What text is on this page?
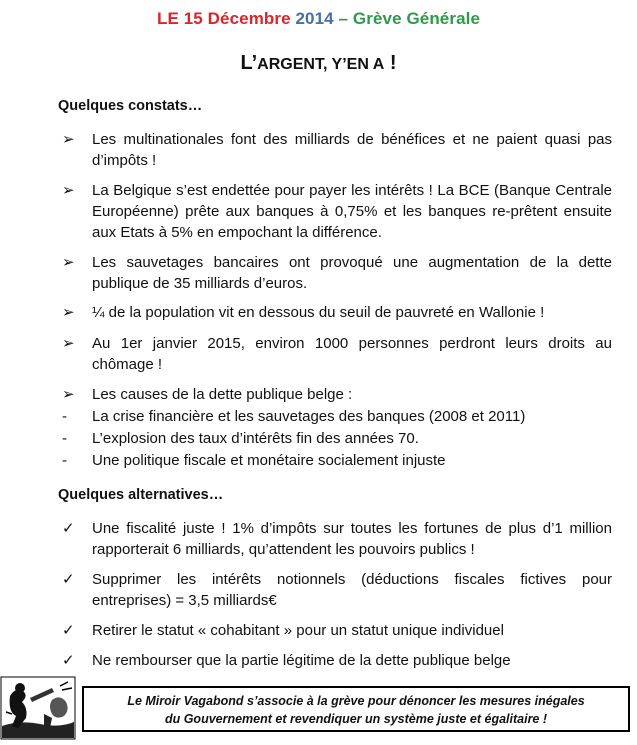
LE 15 Décembre 2014 – Grève Générale
L’ARGENT, Y’EN A !
Quelques constats…
➢	Les multinationales font des milliards de bénéfices et ne paient quasi pas d’impôts !
➢	La Belgique s’est endettée pour payer les intérêts ! La BCE (Banque Centrale Européenne) prête aux banques à 0,75% et les banques re-prêtent ensuite aux Etats à 5% en empochant la différence.
➢	Les sauvetages bancaires ont provoqué une augmentation de la dette publique de 35 milliards d’euros.
➢	¼ de la population vit en dessous du seuil de pauvreté en Wallonie !
➢	Au 1er janvier 2015, environ 1000 personnes perdront leurs droits au chômage !
➢	Les causes de la dette publique belge :
- La crise financière et les sauvetages des banques (2008 et 2011)
- L’explosion des taux d’intérêts fin des années 70.
- Une politique fiscale et monétaire socialement injuste
Quelques alternatives…
✓	Une fiscalité juste ! 1% d’impôts sur toutes les fortunes de plus d’1 million rapporterait 6 milliards, qu’attendent les pouvoirs publics !
✓	Supprimer les intérêts notionnels (déductions fiscales fictives pour entreprises) = 3,5 milliards€
✓	Retirer le statut « cohabitant » pour un statut unique individuel
✓	Ne rembourser que la partie légitime de la dette publique belge
Le Miroir Vagabond s’associe à la grève pour dénoncer les mesures inégales
du Gouvernement et revendiquer un système juste et égalitaire !
